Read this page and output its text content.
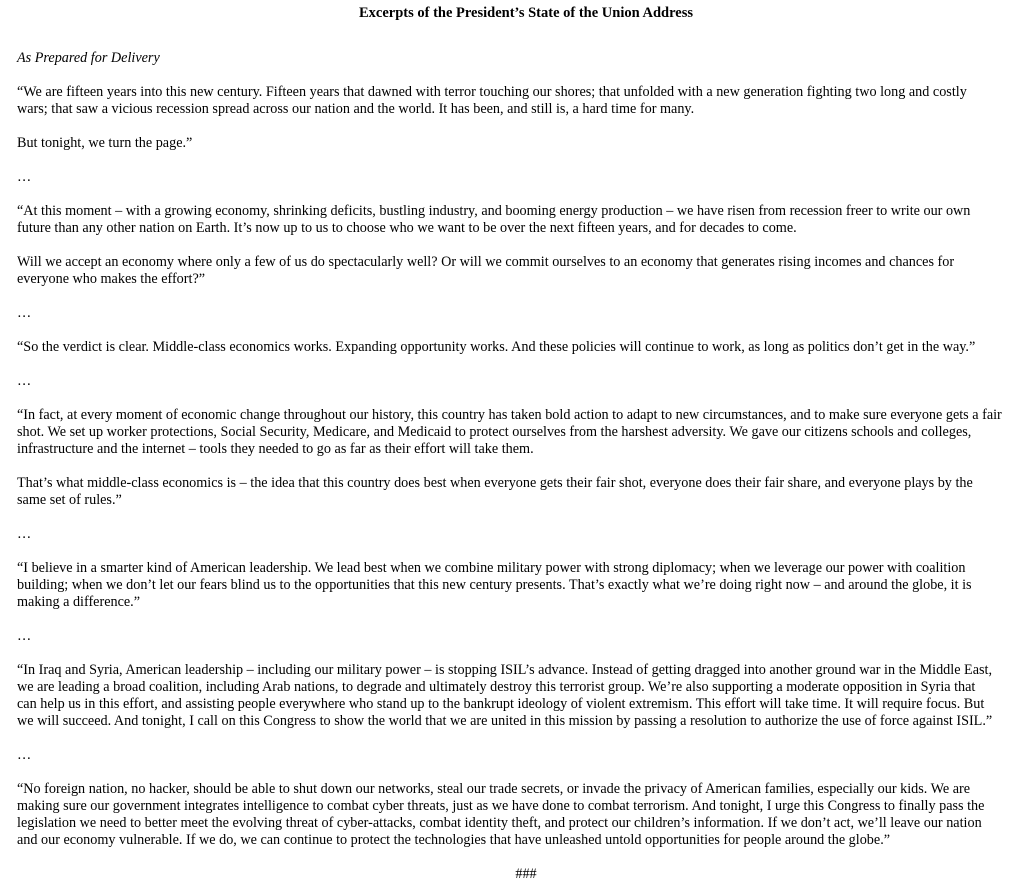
Excerpts of the President’s State of the Union Address
As Prepared for Delivery
“We are fifteen years into this new century. Fifteen years that dawned with terror touching our shores; that unfolded with a new generation fighting two long and costly
wars; that saw a vicious recession spread across our nation and the world. It has been, and still is, a hard time for many.
But tonight, we turn the page.”
…
“At this moment – with a growing economy, shrinking deficits, bustling industry, and booming energy production – we have risen from recession freer to write our own
future than any other nation on Earth. It’s now up to us to choose who we want to be over the next fifteen years, and for decades to come.
Will we accept an economy where only a few of us do spectacularly well? Or will we commit ourselves to an economy that generates rising incomes and chances for
everyone who makes the effort?”
…
“So the verdict is clear. Middle-class economics works. Expanding opportunity works. And these policies will continue to work, as long as politics don’t get in the way.”
…
“In fact, at every moment of economic change throughout our history, this country has taken bold action to adapt to new circumstances, and to make sure everyone gets a fair
shot. We set up worker protections, Social Security, Medicare, and Medicaid to protect ourselves from the harshest adversity. We gave our citizens schools and colleges,
infrastructure and the internet – tools they needed to go as far as their effort will take them.
That’s what middle-class economics is – the idea that this country does best when everyone gets their fair shot, everyone does their fair share, and everyone plays by the
same set of rules.”
…
“I believe in a smarter kind of American leadership. We lead best when we combine military power with strong diplomacy; when we leverage our power with coalition
building; when we don’t let our fears blind us to the opportunities that this new century presents. That’s exactly what we’re doing right now – and around the globe, it is
making a difference.”
…
“In Iraq and Syria, American leadership – including our military power – is stopping ISIL’s advance. Instead of getting dragged into another ground war in the Middle East,
we are leading a broad coalition, including Arab nations, to degrade and ultimately destroy this terrorist group. We’re also supporting a moderate opposition in Syria that
can help us in this effort, and assisting people everywhere who stand up to the bankrupt ideology of violent extremism. This effort will take time. It will require focus. But
we will succeed. And tonight, I call on this Congress to show the world that we are united in this mission by passing a resolution to authorize the use of force against ISIL.”
…
“No foreign nation, no hacker, should be able to shut down our networks, steal our trade secrets, or invade the privacy of American families, especially our kids. We are
making sure our government integrates intelligence to combat cyber threats, just as we have done to combat terrorism. And tonight, I urge this Congress to finally pass the
legislation we need to better meet the evolving threat of cyber-attacks, combat identity theft, and protect our children’s information. If we don’t act, we’ll leave our nation
and our economy vulnerable. If we do, we can continue to protect the technologies that have unleashed untold opportunities for people around the globe.”
###
